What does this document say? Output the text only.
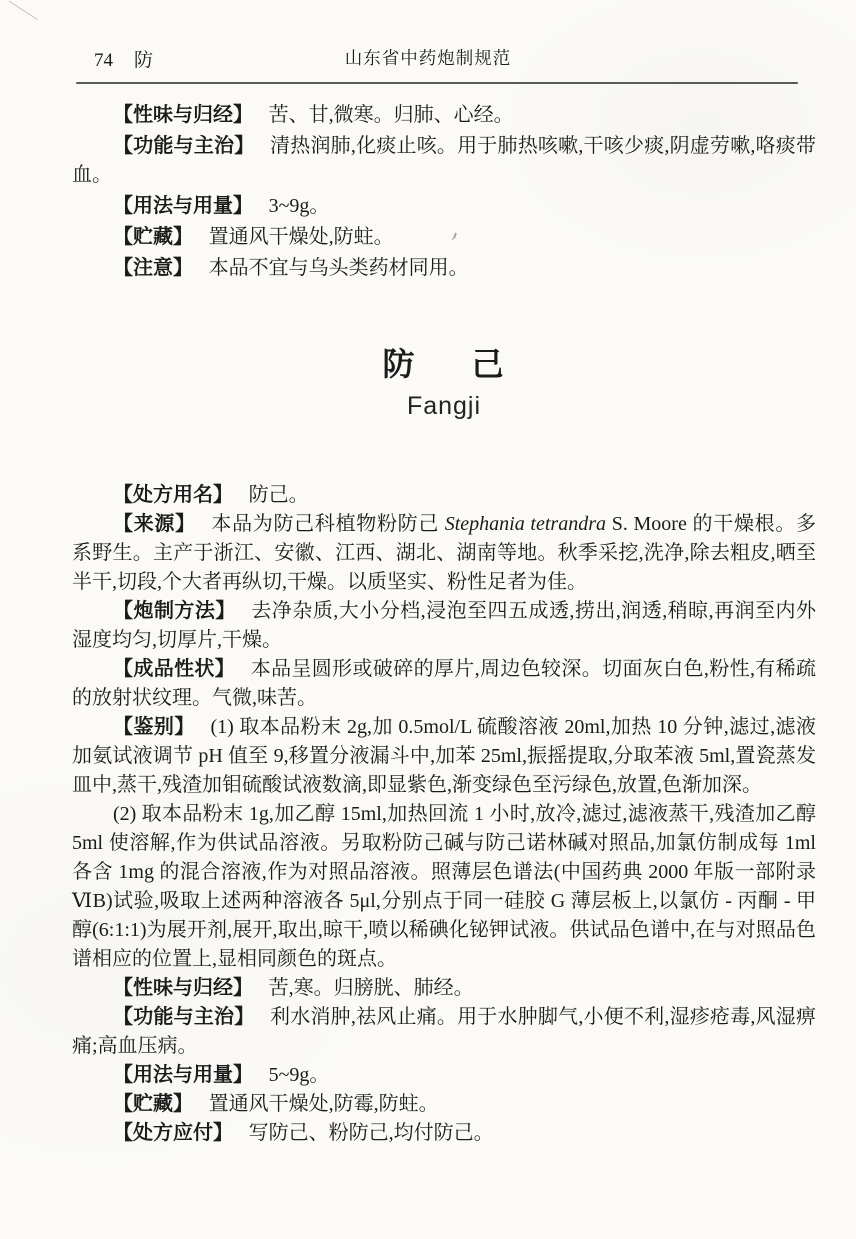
74 防	山东省中药炮制规范

【性味与归经】 苦、甘,微寒。归肺、心经。

【功能与主治】 清热润肺,化痰止咳。用于肺热咳嗽,干咳少痰,阴虚劳嗽,咯痰带血。

【用法与用量】 3~9g。

【贮藏】 置通风干燥处,防蛀。

【注意】 本品不宜与乌头类药材同用。

防 己
Fangji

【处方用名】 防己。

【来源】 本品为防己科植物粉防己 Stephania tetrandra S. Moore 的干燥根。多系野生。主产于浙江、安徽、江西、湖北、湖南等地。秋季采挖,洗净,除去粗皮,晒至半干,切段,个大者再纵切,干燥。以质坚实、粉性足者为佳。

【炮制方法】 去净杂质,大小分档,浸泡至四五成透,捞出,润透,稍晾,再润至内外湿度均匀,切厚片,干燥。

【成品性状】 本品呈圆形或破碎的厚片,周边色较深。切面灰白色,粉性,有稀疏的放射状纹理。气微,味苦。

【鉴别】 (1) 取本品粉末 2g,加 0.5mol/L 硫酸溶液 20ml,加热 10 分钟,滤过,滤液加氨试液调节 pH 值至 9,移置分液漏斗中,加苯 25ml,振摇提取,分取苯液 5ml,置瓷蒸发皿中,蒸干,残渣加钼硫酸试液数滴,即显紫色,渐变绿色至污绿色,放置,色渐加深。

(2) 取本品粉末 1g,加乙醇 15ml,加热回流 1 小时,放冷,滤过,滤液蒸干,残渣加乙醇 5ml 使溶解,作为供试品溶液。另取粉防己碱与防己诺林碱对照品,加氯仿制成每 1ml 各含 1mg 的混合溶液,作为对照品溶液。照薄层色谱法(中国药典 2000 年版一部附录ⅥB)试验,吸取上述两种溶液各 5μl,分别点于同一硅胶 G 薄层板上,以氯仿 - 丙酮 - 甲醇(6:1:1)为展开剂,展开,取出,晾干,喷以稀碘化铋钾试液。供试品色谱中,在与对照品色谱相应的位置上,显相同颜色的斑点。

【性味与归经】 苦,寒。归膀胱、肺经。

【功能与主治】 利水消肿,祛风止痛。用于水肿脚气,小便不利,湿疹疮毒,风湿痹痛;高血压病。

【用法与用量】 5~9g。

【贮藏】 置通风干燥处,防霉,防蛀。

【处方应付】 写防己、粉防己,均付防己。
